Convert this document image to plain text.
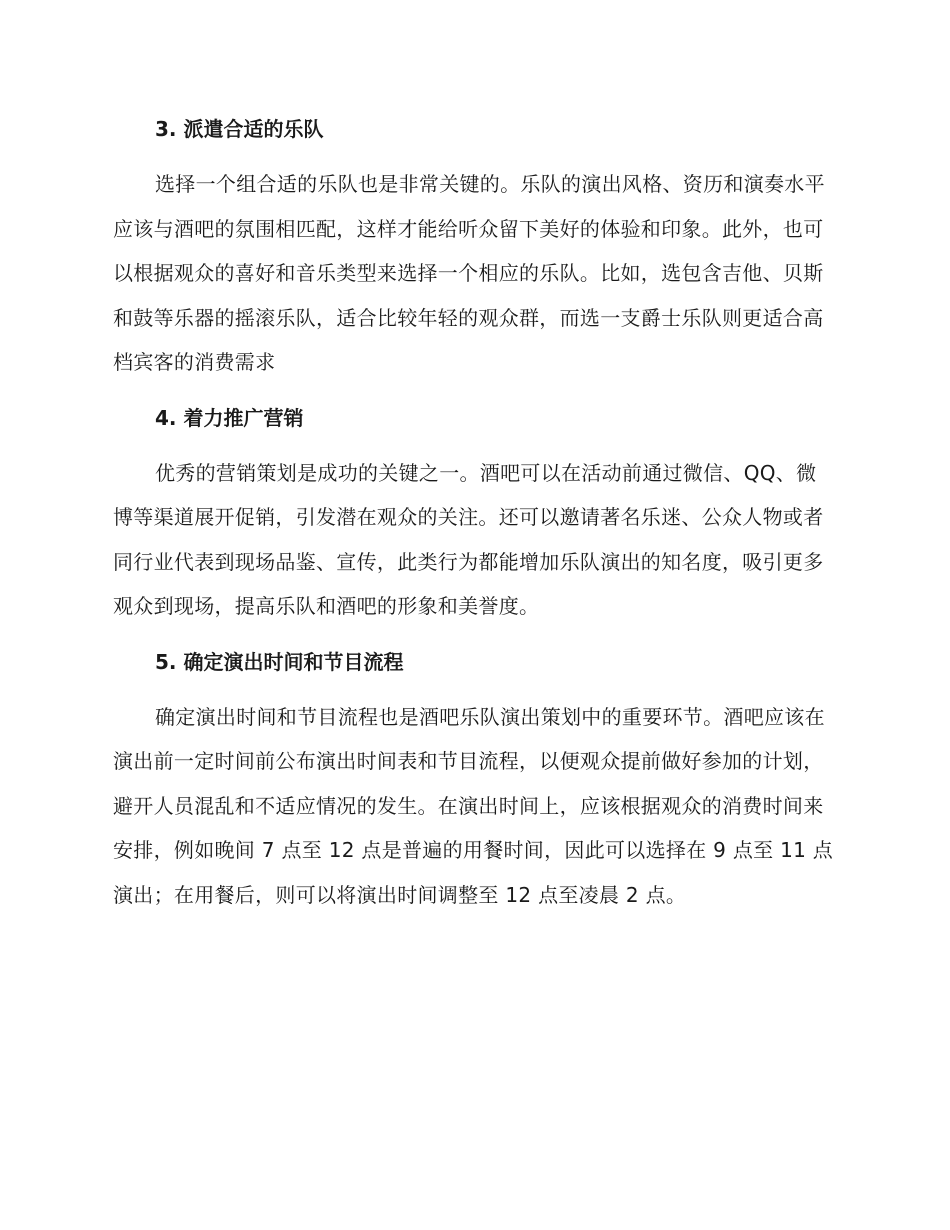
3. 派遣合适的乐队

选择一个组合适的乐队也是非常关键的。乐队的演出风格、资历和演奏水平应该与酒吧的氛围相匹配，这样才能给听众留下美好的体验和印象。此外，也可以根据观众的喜好和音乐类型来选择一个相应的乐队。比如，选包含吉他、贝斯和鼓等乐器的摇滚乐队，适合比较年轻的观众群，而选一支爵士乐队则更适合高档宾客的消费需求

4. 着力推广营销

优秀的营销策划是成功的关键之一。酒吧可以在活动前通过微信、QQ、微博等渠道展开促销，引发潜在观众的关注。还可以邀请著名乐迷、公众人物或者同行业代表到现场品鉴、宣传，此类行为都能增加乐队演出的知名度，吸引更多观众到现场，提高乐队和酒吧的形象和美誉度。

5. 确定演出时间和节目流程

确定演出时间和节目流程也是酒吧乐队演出策划中的重要环节。酒吧应该在演出前一定时间前公布演出时间表和节目流程，以便观众提前做好参加的计划，避开人员混乱和不适应情况的发生。在演出时间上，应该根据观众的消费时间来安排，例如晚间 7 点至 12 点是普遍的用餐时间，因此可以选择在 9 点至 11 点演出；在用餐后，则可以将演出时间调整至 12 点至凌晨 2 点。
